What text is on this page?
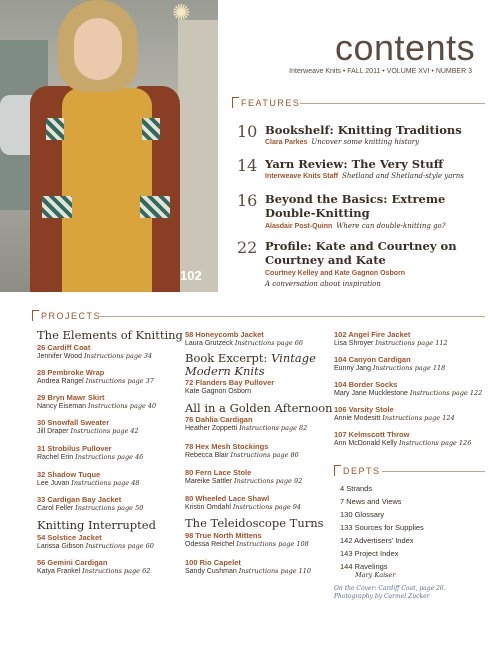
✺
102
contents
Interweave Knits • FALL 2011 • VOLUME XVI • NUMBER 3
FEATURES
10 Bookshelf: Knitting Traditions
Clara Parkes Uncover some knitting history
14 Yarn Review: The Very Stuff
Interweave Knits Staff Shetland and Shetland-style yarns
16 Beyond the Basics: Extreme Double-Knitting
Alasdair Post-Quinn Where can double-knitting go?
22 Profile: Kate and Courtney on Courtney and Kate
Courtney Kelley and Kate Gagnon Osborn
A conversation about inspiration
PROJECTS
The Elements of Knitting
26 Cardiff Coat
Jennifer Wood Instructions page 34
28 Pembroke Wrap
Andrea Rangel Instructions page 37
29 Bryn Mawr Skirt
Nancy Eiseman Instructions page 40
30 Snowfall Sweater
Jill Draper Instructions page 42
31 Strobilus Pullover
Rachel Erin Instructions page 46
32 Shadow Tuque
Lee Juvan Instructions page 48
33 Cardigan Bay Jacket
Carol Feller Instructions page 50
Knitting Interrupted
54 Solstice Jacket
Larissa Gibson Instructions page 60
56 Gemini Cardigan
Katya Frankel Instructions page 62
58 Honeycomb Jacket
Laura Grutzeck Instructions page 66
Book Excerpt: Vintage Modern Knits
72 Flanders Bay Pullover
Kate Gagnon Osborn
All in a Golden Afternoon
76 Dahlia Cardigan
Heather Zoppetti Instructions page 82
78 Hex Mesh Stockings
Rebecca Blair Instructions page 86
80 Fern Lace Stole
Mareike Sattler Instructions page 92
80 Wheeled Lace Shawl
Kristin Omdahl Instructions page 94
The Teleidoscope Turns
98 True North Mittens
Odessa Reichel Instructions page 108
100 Rio Capelet
Sandy Cushman Instructions page 110
102 Angel Fire Jacket
Lisa Shroyer Instructions page 112
104 Canyon Cardigan
Eunny Jang Instructions page 118
104 Border Socks
Mary Jane Mucklestone Instructions page 122
106 Varsity Stole
Annie Modesitt Instructions page 124
107 Kelmscott Throw
Ann McDonald Kelly Instructions page 126
DEPTS
4 Strands
7 News and Views
130 Glossary
133 Sources for Supplies
142 Advertisers' Index
143 Project Index
144 Ravelings
Mary Kaiser
On the Cover: Cardiff Coat, page 26.
Photography by Carmel Zucker
